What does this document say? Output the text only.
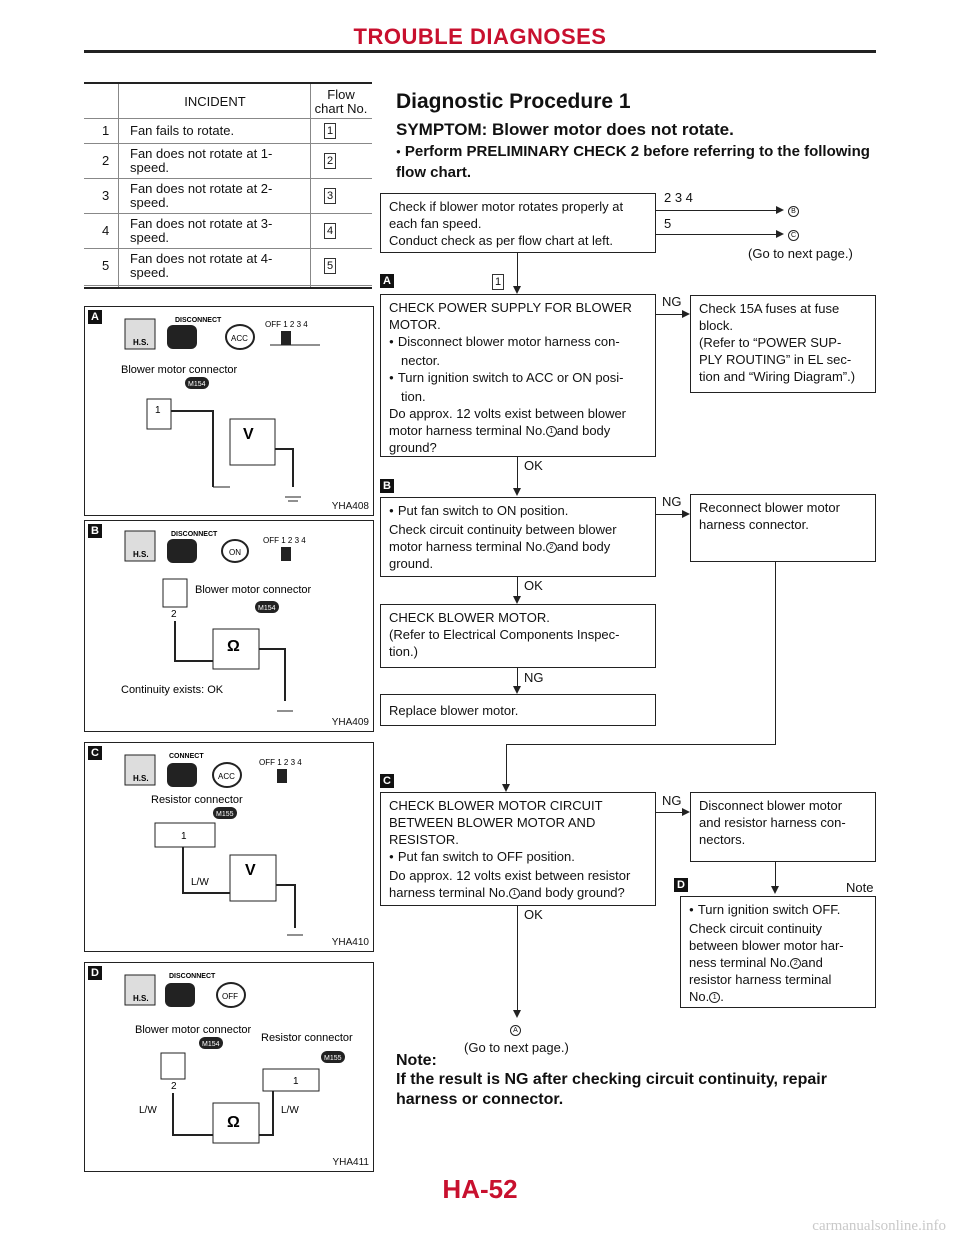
TROUBLE DIAGNOSES
INCIDENT	Flow chart No.
1 Fan fails to rotate.	1
2 Fan does not rotate at 1-speed.	2
3 Fan does not rotate at 2-speed.	3
4 Fan does not rotate at 3-speed.	4
5 Fan does not rotate at 4-speed.	5
A
H.S.	ACC
DISCONNECT	OFF 1 2 3 4
Blower motor connector
M154
1
V
YHA408
B
H.S.	ON
DISCONNECT
OFF 1 2 3 4
2
Blower motor connector
M154
Ω
Continuity exists: OK
YHA409
C
H.S.	ACC
CONNECT
OFF 1 2 3 4
Resistor connector
M155
1
L/W
V
YHA410
D
H.S.	OFF
DISCONNECT
Blower motor connector
M154
Resistor connector
M155
2	1
L/W	L/W
Ω
YHA411
Diagnostic Procedure 1
SYMPTOM: Blower motor does not rotate.
● Perform PRELIMINARY CHECK 2 before referring to the following flow chart.
Check if blower motor rotates properly at
each fan speed.
Conduct check as per flow chart at left.
2 3 4
B
5
C
(Go to next page.)
A	1
CHECK POWER SUPPLY FOR BLOWER
MOTOR.
● Disconnect blower motor harness con-
nector.
● Turn ignition switch to ACC or ON posi-
tion.
Do approx. 12 volts exist between blower
motor harness terminal No. 1 and body
ground?
NG Check 15A fuses at fuse
block.
(Refer to “POWER SUP-
PLY ROUTING” in EL sec-
tion and “Wiring Diagram”.)
OK
B
● Put fan switch to ON position.
Check circuit continuity between blower
motor harness terminal No. 2 and body
ground.
NG Reconnect blower motor
harness connector.
OK
CHECK BLOWER MOTOR.
(Refer to Electrical Components Inspec-
tion.)
NG
Replace blower motor.
C
CHECK BLOWER MOTOR CIRCUIT
BETWEEN BLOWER MOTOR AND
RESISTOR.
● Put fan switch to OFF position.
Do approx. 12 volts exist between resistor
harness terminal No. 1 and body ground?
NG Disconnect blower motor
and resistor harness con-
nectors.
D	Note
● Turn ignition switch OFF.
Check circuit continuity
between blower motor har-
ness terminal No. 2 and
resistor harness terminal
No. 1 .
OK
A
(Go to next page.)
Note:
If the result is NG after checking circuit continuity, repair harness or connector.
HA-52
carmanualsonline.info
